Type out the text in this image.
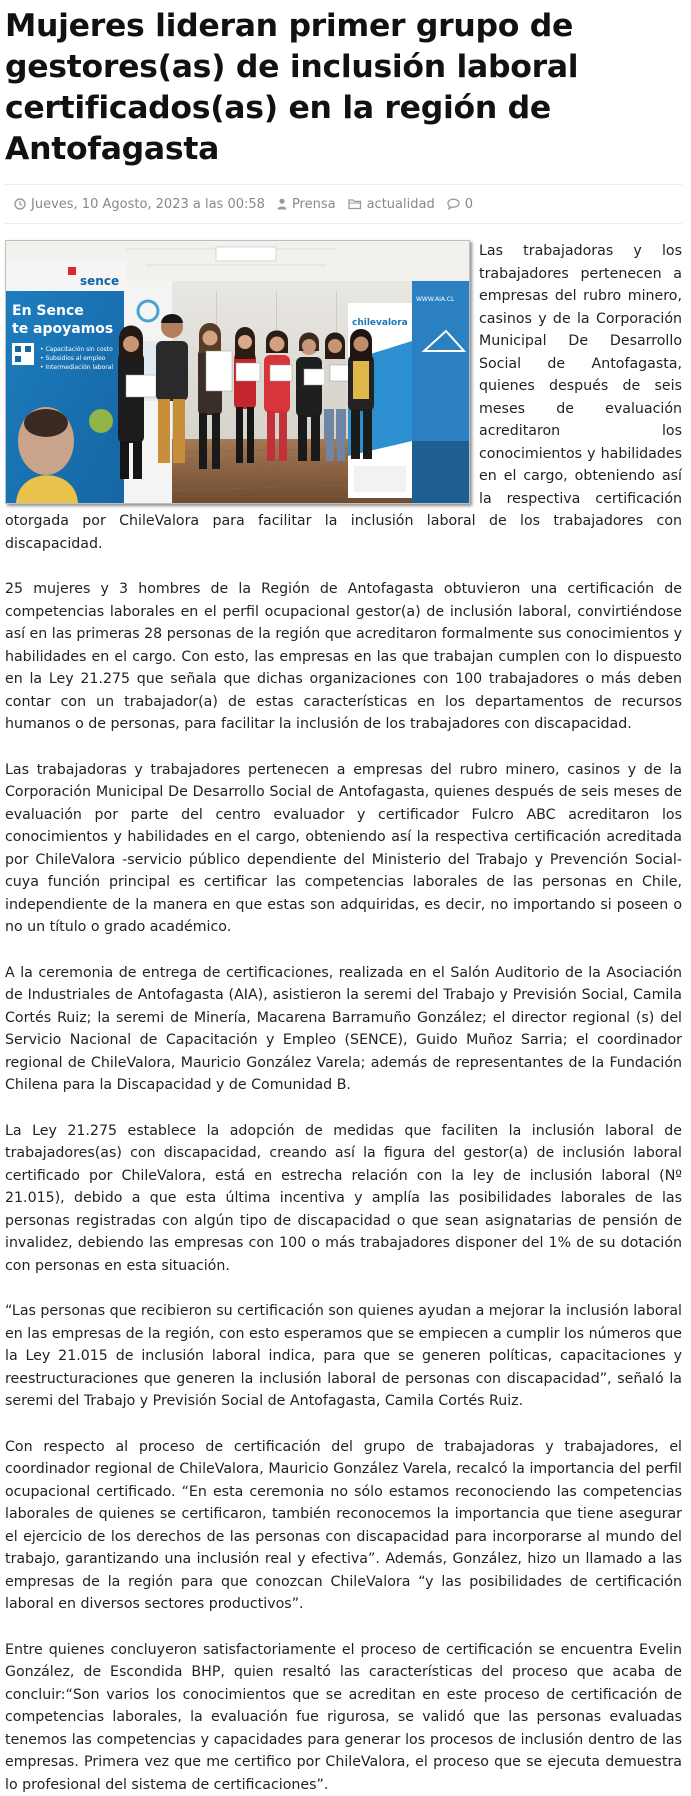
Mujeres lideran primer grupo de gestores(as) de inclusión laboral certificados(as) en la región de Antofagasta
Jueves, 10 Agosto, 2023 a las 00:58 Prensa actualidad 0
sence
En Sence
te apoyamos
• Capacitación sin costo
• Subsidios al empleo
• Intermediación laboral
chilevalora
WWW.AIA.CL

Las trabajadoras y los trabajadores pertenecen a empresas del rubro minero, casinos y de la Corporación Municipal De Desarrollo Social de Antofagasta, quienes después de seis meses de evaluación acreditaron los conocimientos y habilidades en el cargo, obteniendo así la respectiva certificación otorgada por ChileValora para facilitar la inclusión laboral de los trabajadores con discapacidad.

25 mujeres y 3 hombres de la Región de Antofagasta obtuvieron una certificación de competencias laborales en el perfil ocupacional gestor(a) de inclusión laboral, convirtiéndose así en las primeras 28 personas de la región que acreditaron formalmente sus conocimientos y habilidades en el cargo. Con esto, las empresas en las que trabajan cumplen con lo dispuesto en la Ley 21.275 que señala que dichas organizaciones con 100 trabajadores o más deben contar con un trabajador(a) de estas características en los departamentos de recursos humanos o de personas, para facilitar la inclusión de los trabajadores con discapacidad.

Las trabajadoras y trabajadores pertenecen a empresas del rubro minero, casinos y de la Corporación Municipal De Desarrollo Social de Antofagasta, quienes después de seis meses de evaluación por parte del centro evaluador y certificador Fulcro ABC acreditaron los conocimientos y habilidades en el cargo, obteniendo así la respectiva certificación acreditada por ChileValora -servicio público dependiente del Ministerio del Trabajo y Prevención Social- cuya función principal es certificar las competencias laborales de las personas en Chile, independiente de la manera en que estas son adquiridas, es decir, no importando si poseen o no un título o grado académico.

A la ceremonia de entrega de certificaciones, realizada en el Salón Auditorio de la Asociación de Industriales de Antofagasta (AIA), asistieron la seremi del Trabajo y Previsión Social, Camila Cortés Ruiz; la seremi de Minería, Macarena Barramuño González; el director regional (s) del Servicio Nacional de Capacitación y Empleo (SENCE), Guido Muñoz Sarria; el coordinador regional de ChileValora, Mauricio González Varela; además de representantes de la Fundación Chilena para la Discapacidad y de Comunidad B.

La Ley 21.275 establece la adopción de medidas que faciliten la inclusión laboral de trabajadores(as) con discapacidad, creando así la figura del gestor(a) de inclusión laboral certificado por ChileValora, está en estrecha relación con la ley de inclusión laboral (Nº 21.015), debido a que esta última incentiva y amplía las posibilidades laborales de las personas registradas con algún tipo de discapacidad o que sean asignatarias de pensión de invalidez, debiendo las empresas con 100 o más trabajadores disponer del 1% de su dotación con personas en esta situación.

“Las personas que recibieron su certificación son quienes ayudan a mejorar la inclusión laboral en las empresas de la región, con esto esperamos que se empiecen a cumplir los números que la Ley 21.015 de inclusión laboral indica, para que se generen políticas, capacitaciones y reestructuraciones que generen la inclusión laboral de personas con discapacidad”, señaló la seremi del Trabajo y Previsión Social de Antofagasta, Camila Cortés Ruiz.

Con respecto al proceso de certificación del grupo de trabajadoras y trabajadores, el coordinador regional de ChileValora, Mauricio González Varela, recalcó la importancia del perfil ocupacional certificado. “En esta ceremonia no sólo estamos reconociendo las competencias laborales de quienes se certificaron, también reconocemos la importancia que tiene asegurar el ejercicio de los derechos de las personas con discapacidad para incorporarse al mundo del trabajo, garantizando una inclusión real y efectiva”. Además, González, hizo un llamado a las empresas de la región para que conozcan ChileValora “y las posibilidades de certificación laboral en diversos sectores productivos”.

Entre quienes concluyeron satisfactoriamente el proceso de certificación se encuentra Evelin González, de Escondida BHP, quien resaltó las características del proceso que acaba de concluir:“Son varios los conocimientos que se acreditan en este proceso de certificación de competencias laborales, la evaluación fue rigurosa, se validó que las personas evaluadas tenemos las competencias y capacidades para generar los procesos de inclusión dentro de las empresas. Primera vez que me certifico por ChileValora, el proceso que se ejecuta demuestra lo profesional del sistema de certificaciones”.
